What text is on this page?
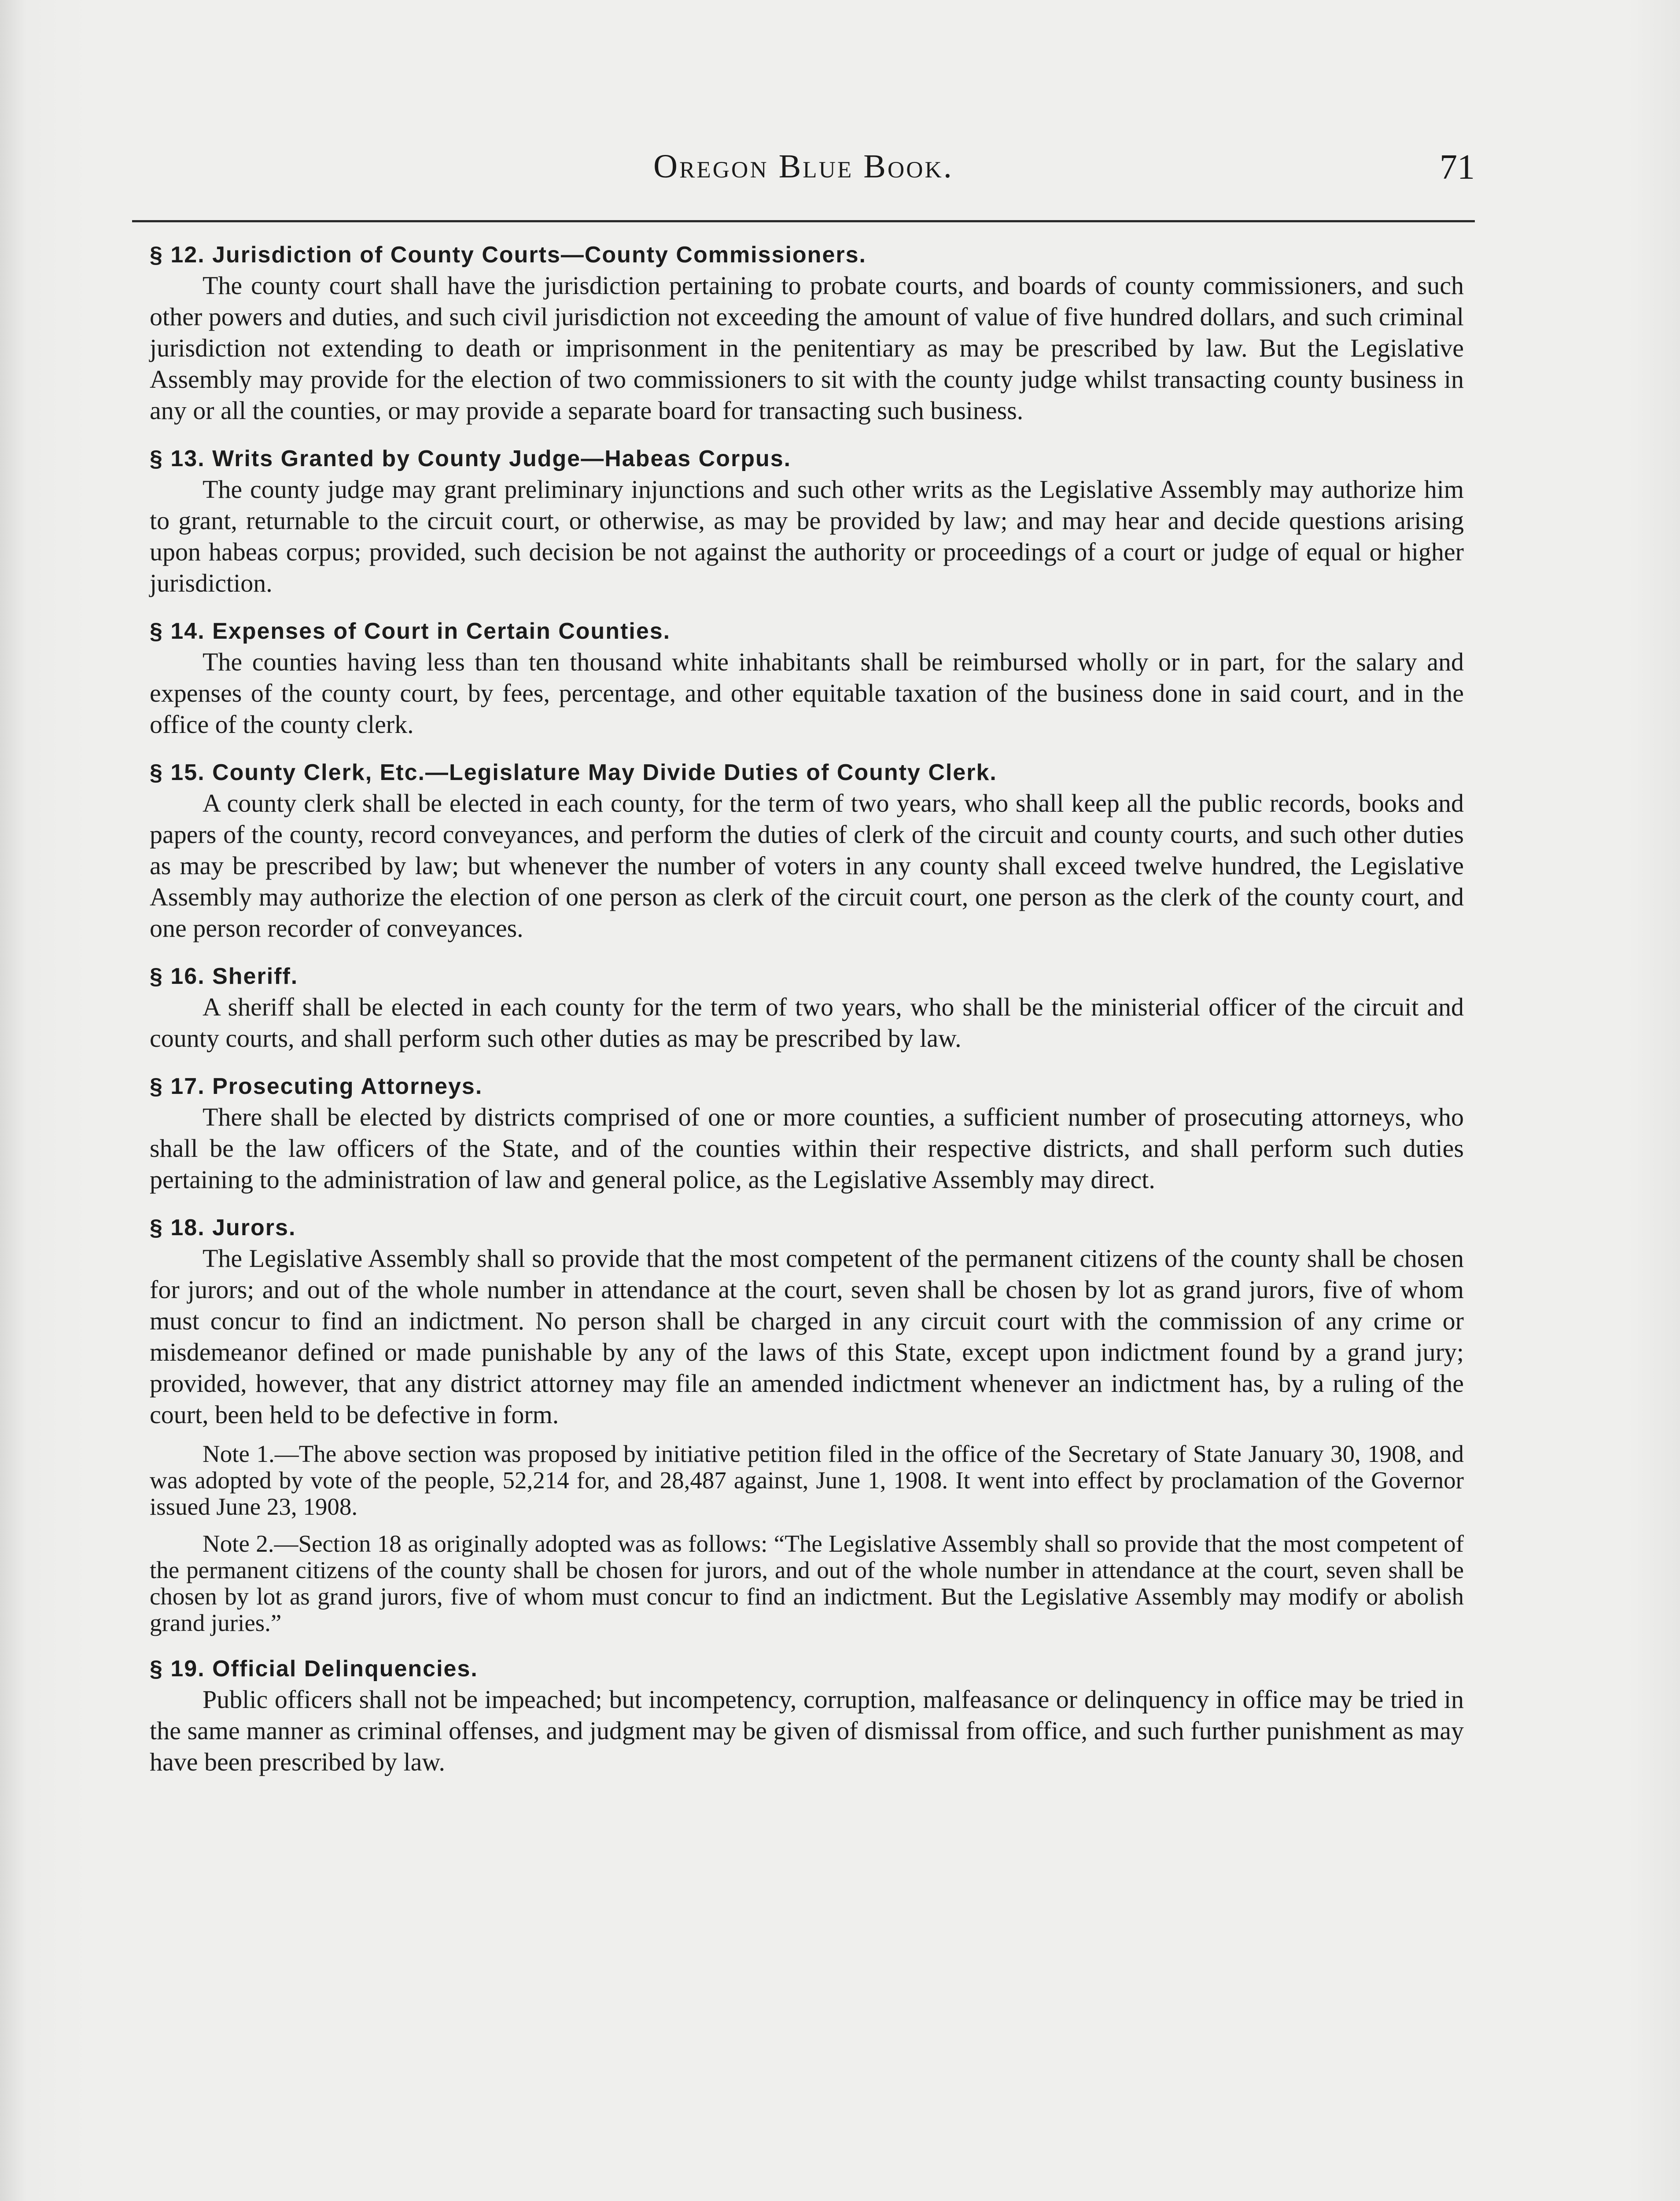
Oregon Blue Book.	71
§ 12. Jurisdiction of County Courts—County Commissioners.

The county court shall have the jurisdiction pertaining to probate courts, and boards of county commissioners, and such other powers and duties, and such civil jurisdiction not exceeding the amount of value of five hundred dollars, and such criminal jurisdiction not extending to death or imprisonment in the penitentiary as may be prescribed by law. But the Legislative Assembly may provide for the election of two commissioners to sit with the county judge whilst transacting county business in any or all the counties, or may provide a separate board for transacting such business.

§ 13. Writs Granted by County Judge—Habeas Corpus.

The county judge may grant preliminary injunctions and such other writs as the Legislative Assembly may authorize him to grant, returnable to the circuit court, or otherwise, as may be provided by law; and may hear and decide questions arising upon habeas corpus; provided, such decision be not against the authority or proceedings of a court or judge of equal or higher jurisdiction.

§ 14. Expenses of Court in Certain Counties.

The counties having less than ten thousand white inhabitants shall be reimbursed wholly or in part, for the salary and expenses of the county court, by fees, percentage, and other equitable taxation of the business done in said court, and in the office of the county clerk.

§ 15. County Clerk, Etc.—Legislature May Divide Duties of County Clerk.

A county clerk shall be elected in each county, for the term of two years, who shall keep all the public records, books and papers of the county, record conveyances, and perform the duties of clerk of the circuit and county courts, and such other duties as may be prescribed by law; but whenever the number of voters in any county shall exceed twelve hundred, the Legislative Assembly may authorize the election of one person as clerk of the circuit court, one person as the clerk of the county court, and one person recorder of conveyances.

§ 16. Sheriff.

A sheriff shall be elected in each county for the term of two years, who shall be the ministerial officer of the circuit and county courts, and shall perform such other duties as may be prescribed by law.

§ 17. Prosecuting Attorneys.

There shall be elected by districts comprised of one or more counties, a sufficient number of prosecuting attorneys, who shall be the law officers of the State, and of the counties within their respective districts, and shall perform such duties pertaining to the administration of law and general police, as the Legislative Assembly may direct.

§ 18. Jurors.

The Legislative Assembly shall so provide that the most competent of the permanent citizens of the county shall be chosen for jurors; and out of the whole number in attendance at the court, seven shall be chosen by lot as grand jurors, five of whom must concur to find an indictment. No person shall be charged in any circuit court with the commission of any crime or misdemeanor defined or made punishable by any of the laws of this State, except upon indictment found by a grand jury; provided, however, that any district attorney may file an amended indictment whenever an indictment has, by a ruling of the court, been held to be defective in form.

Note 1.—The above section was proposed by initiative petition filed in the office of the Secretary of State January 30, 1908, and was adopted by vote of the people, 52,214 for, and 28,487 against, June 1, 1908. It went into effect by proclamation of the Governor issued June 23, 1908.

Note 2.—Section 18 as originally adopted was as follows: “The Legislative Assembly shall so provide that the most competent of the permanent citizens of the county shall be chosen for jurors, and out of the whole number in attendance at the court, seven shall be chosen by lot as grand jurors, five of whom must concur to find an indictment. But the Legislative Assembly may modify or abolish grand juries.”

§ 19. Official Delinquencies.

Public officers shall not be impeached; but incompetency, corruption, malfeasance or delinquency in office may be tried in the same manner as criminal offenses, and judgment may be given of dismissal from office, and such further punishment as may have been prescribed by law.
